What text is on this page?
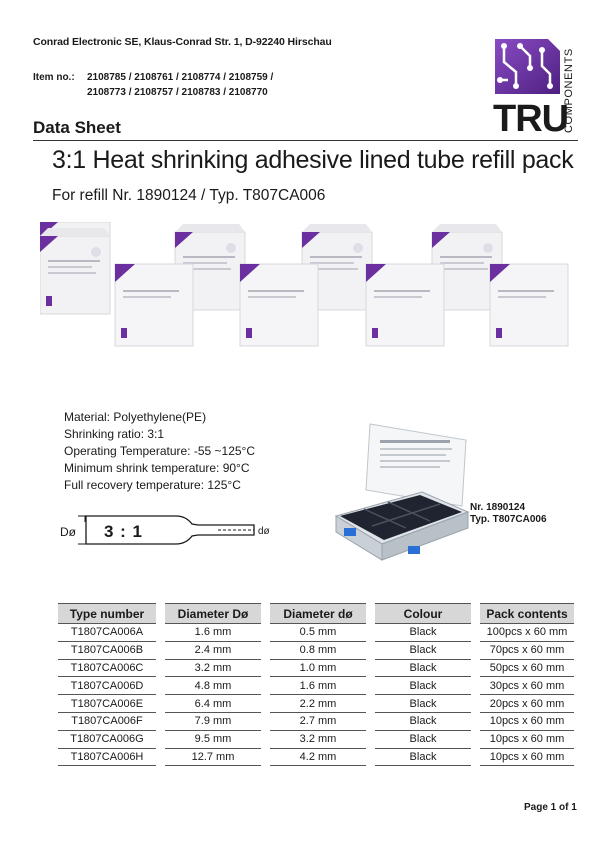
Conrad Electronic SE, Klaus-Conrad Str. 1, D-92240 Hirschau
Item no.: 2108785 / 2108761 / 2108774 / 2108759 /
2108773 / 2108757 / 2108783 / 2108770
TRU
COMPONENTS
Data Sheet
3:1 Heat shrinking adhesive lined tube refill pack
For refill Nr. 1890124 / Typ. T807CA006
Material: Polyethylene(PE)
Shrinking ratio: 3:1
Operating Temperature: -55 ~125°C
Minimum shrink temperature: 90°C
Full recovery temperature: 125°C
Dø 3 : 1	dø
Nr. 1890124
Typ. T807CA006
Type number		Diameter Dø		Diameter dø		Colour		Pack contents
T1807CA006A		1.6 mm		0.5 mm		Black		100pcs x 60 mm
T1807CA006B		2.4 mm		0.8 mm		Black		70pcs x 60 mm
T1807CA006C		3.2 mm		1.0 mm		Black		50pcs x 60 mm
T1807CA006D		4.8 mm		1.6 mm		Black		30pcs x 60 mm
T1807CA006E		6.4 mm		2.2 mm		Black		20pcs x 60 mm
T1807CA006F		7.9 mm		2.7 mm		Black		10pcs x 60 mm
T1807CA006G		9.5 mm		3.2 mm		Black		10pcs x 60 mm
T1807CA006H		12.7 mm		4.2 mm		Black		10pcs x 60 mm
Page 1 of 1
